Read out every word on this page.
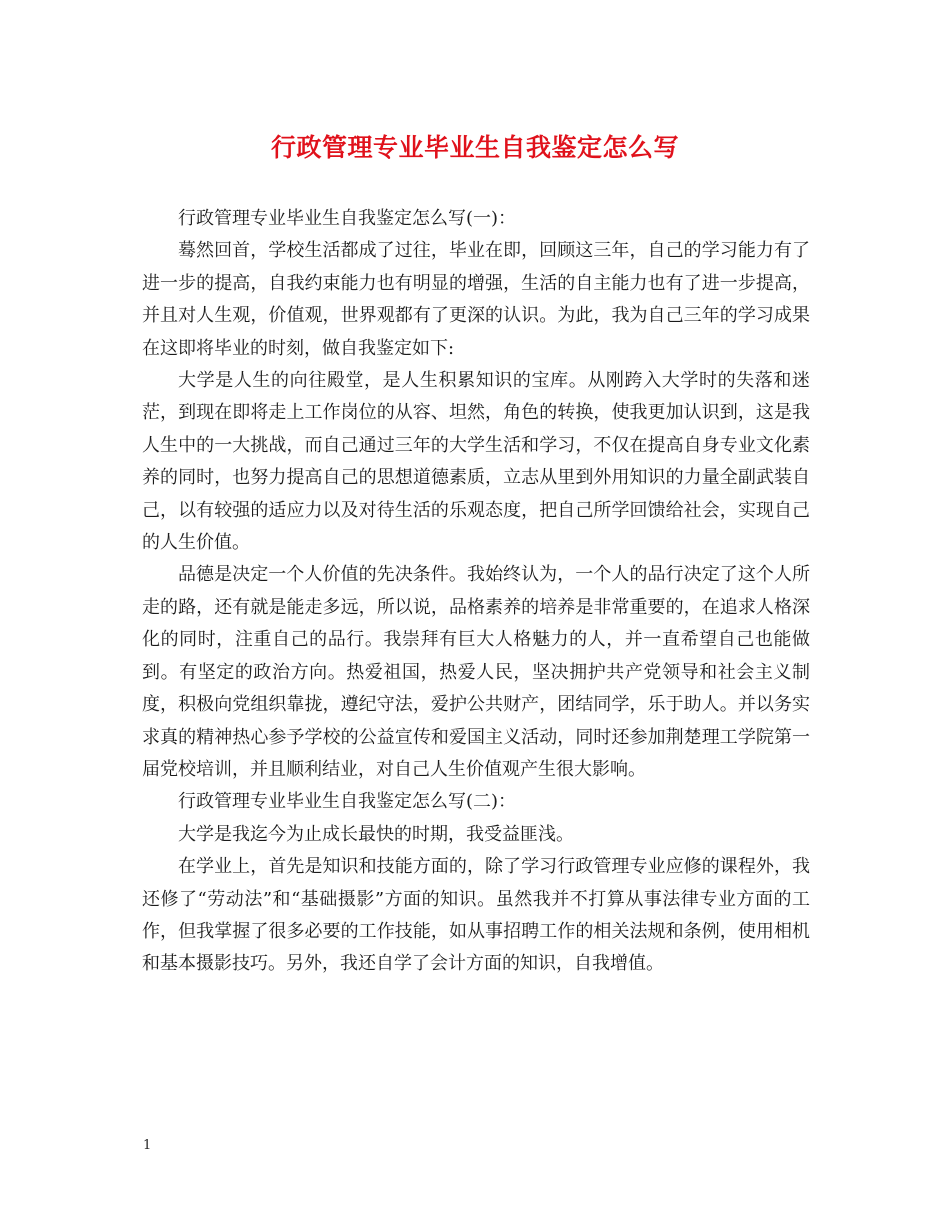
行政管理专业毕业生自我鉴定怎么写

行政管理专业毕业生自我鉴定怎么写(一)：

蓦然回首，学校生活都成了过往，毕业在即，回顾这三年，自己的学习能力有了进一步的提高，自我约束能力也有明显的增强，生活的自主能力也有了进一步提高，并且对人生观，价值观，世界观都有了更深的认识。为此，我为自己三年的学习成果在这即将毕业的时刻，做自我鉴定如下:

大学是人生的向往殿堂，是人生积累知识的宝库。从刚跨入大学时的失落和迷茫，到现在即将走上工作岗位的从容、坦然，角色的转换，使我更加认识到，这是我人生中的一大挑战，而自己通过三年的大学生活和学习，不仅在提高自身专业文化素养的同时，也努力提高自己的思想道德素质，立志从里到外用知识的力量全副武装自己，以有较强的适应力以及对待生活的乐观态度，把自己所学回馈给社会，实现自己的人生价值。

品德是决定一个人价值的先决条件。我始终认为，一个人的品行决定了这个人所走的路，还有就是能走多远，所以说，品格素养的培养是非常重要的，在追求人格深化的同时，注重自己的品行。我崇拜有巨大人格魅力的人，并一直希望自己也能做到。有坚定的政治方向。热爱祖国，热爱人民，坚决拥护共产党领导和社会主义制度，积极向党组织靠拢，遵纪守法，爱护公共财产，团结同学，乐于助人。并以务实求真的精神热心参予学校的公益宣传和爱国主义活动，同时还参加荆楚理工学院第一届党校培训，并且顺利结业，对自己人生价值观产生很大影响。

行政管理专业毕业生自我鉴定怎么写(二)：

大学是我迄今为止成长最快的时期，我受益匪浅。

在学业上，首先是知识和技能方面的，除了学习行政管理专业应修的课程外，我还修了“劳动法”和“基础摄影”方面的知识。虽然我并不打算从事法律专业方面的工作，但我掌握了很多必要的工作技能，如从事招聘工作的相关法规和条例，使用相机和基本摄影技巧。另外，我还自学了会计方面的知识，自我增值。

1
